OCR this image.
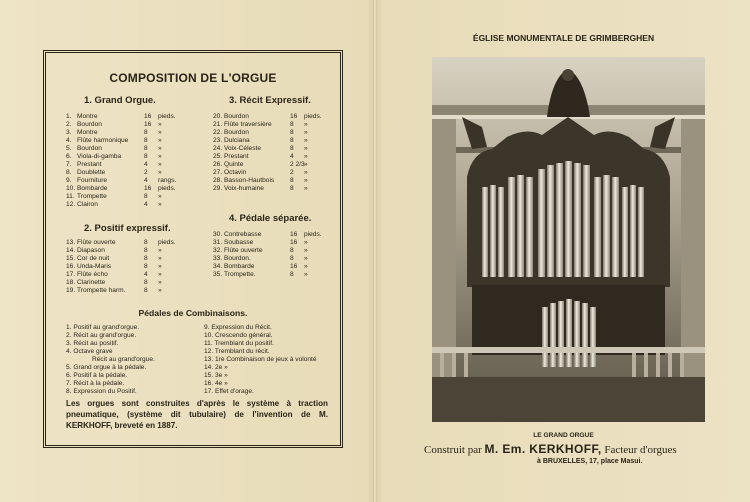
COMPOSITION DE L'ORGUE
1. Grand Orgue.
1. Montre	16 pieds.
2. Bourdon	16 »
3. Montre	8 »
4. Flûte harmonique 8 »
5. Bourdon	8 »
6. Viola-di-gamba	8 »
7. Prestant	4 »
8. Doublette	2 »
9. Fourniture	4 rangs.
10. Bombarde	16 pieds.
11. Trompette	8 »
12. Clairon	4 »
3. Récit Expressif.
20. Bourdon	16 pieds.
21. Flûte traversière	8 »
22. Bourdon	8 »
23. Dulciana	8 »
24. Voix-Céleste	8 »
25. Prestant	4 »
26. Quinte	2 2/3 »
27. Octavin	2 »
28. Basson-Hautbois 8 »
29. Voix-humaine	8 »
2. Positif expressif.
13. Flûte ouverte	8 pieds.
14. Diapason	8 »
15. Cor de nuit	8 »
16. Unda-Maris	8 »
17. Flûte écho	4 »
18. Clarinette	8 »
19. Trompette harm.	8 »
4. Pédale séparée.
30. Contrebasse	16 pieds.
31. Soubasse	16 »
32. Flûte ouverte	8 »
33. Bourdon.	8 »
34. Bombarde	16 »
35. Trompette.	8 »
Pédales de Combinaisons.
1. Positif au grand'orgue.
2. Récit au grand'orgue.
3. Récit au positif.
4. Octave grave
Récit au grand'orgue.
5. Grand orgue à la pédale.
6. Positif à la pédale.
7. Récit à la pédale.
8. Expression du Positif.
9. Expression du Récit.
10. Crescendo général.
11. Tremblant du positif.
12. Tremblant du récit.
13. 1re Combinaison de jeux à volonté
14. 2e »
15. 3e »
16. 4e »
17. Effet d'orage.
Les orgues sont construites d'après le système à traction pneumatique, (système dit tubulaire) de l'invention de M. KERKHOFF, breveté en 1887.
ÉGLISE MONUMENTALE DE GRIMBERGHEN
LE GRAND ORGUE
Construit par M. Em. KERKHOFF, Facteur d'orgues
à BRUXELLES, 17, place Masui.
